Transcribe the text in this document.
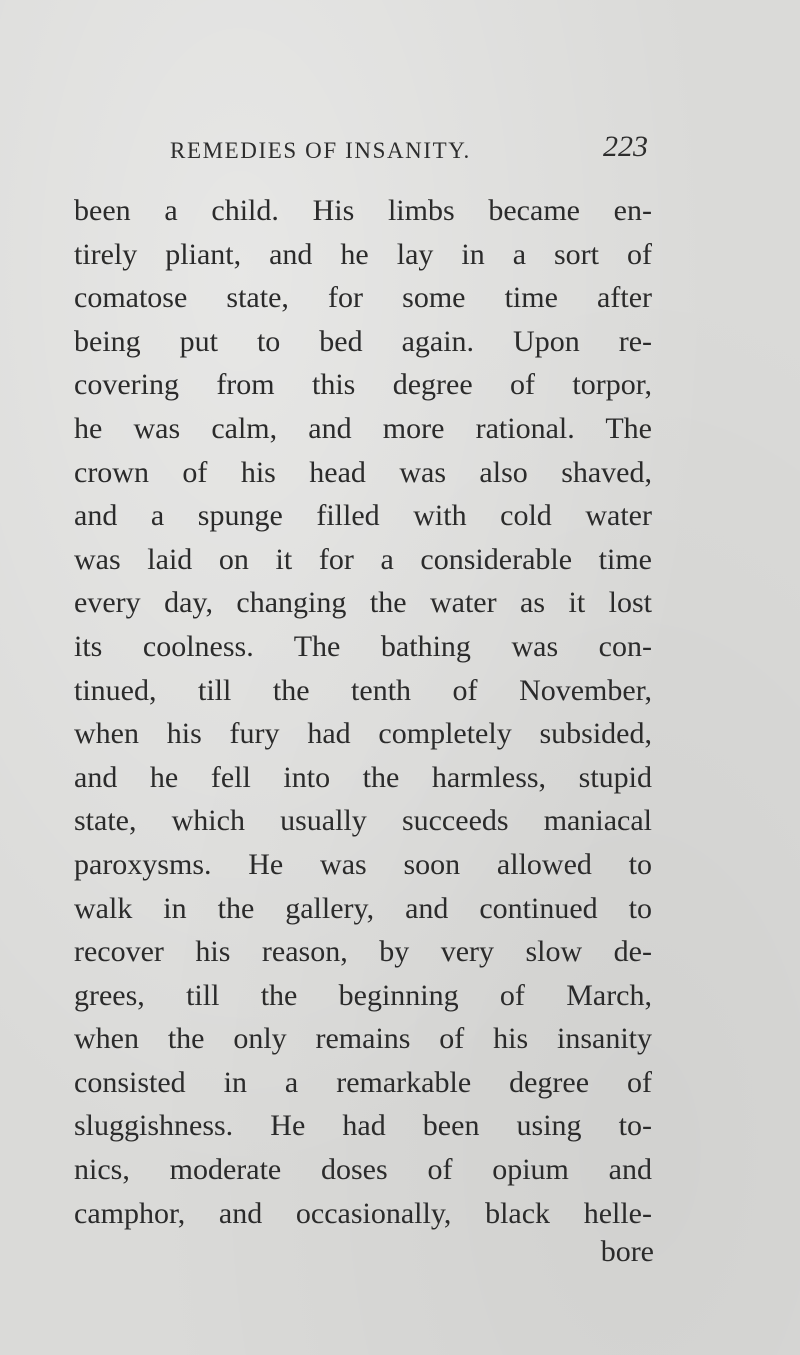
REMEDIES OF INSANITY.	223
been a child. His limbs became en-
tirely pliant, and he lay in a sort of
comatose state, for some time after
being put to bed again. Upon re-
covering from this degree of torpor,
he was calm, and more rational. The
crown of his head was also shaved,
and a spunge filled with cold water
was laid on it for a considerable time
every day, changing the water as it lost
its coolness. The bathing was con-
tinued, till the tenth of November,
when his fury had completely subsided,
and he fell into the harmless, stupid
state, which usually succeeds maniacal
paroxysms. He was soon allowed to
walk in the gallery, and continued to
recover his reason, by very slow de-
grees, till the beginning of March,
when the only remains of his insanity
consisted in a remarkable degree of
sluggishness. He had been using to-
nics, moderate doses of opium and
camphor, and occasionally, black helle-
bore
